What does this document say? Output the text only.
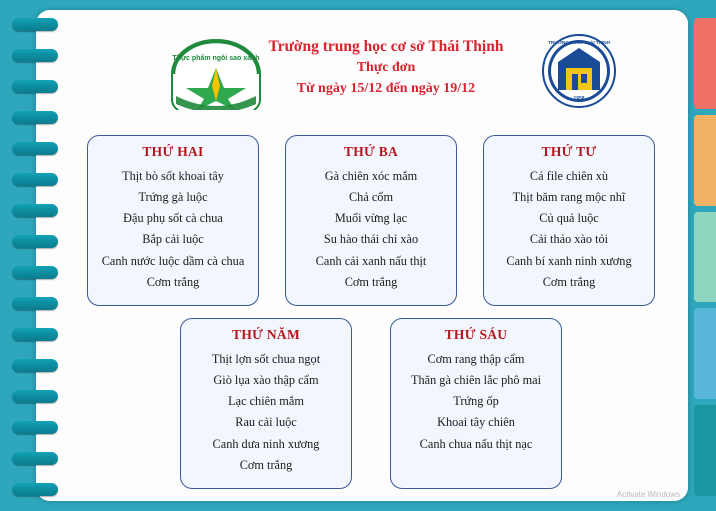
Thực phẩm ngôi sao xanh
Trường trung học cơ sở Thái Thịnh
Thực đơn
Từ ngày 15/12 đến ngày 19/12
TRƯỜNG THCS THÁI THỊNH
1958
THỨ HAI
Thịt bò sốt khoai tây
Trứng gà luộc
Đậu phụ sốt cà chua
Bắp cải luộc
Canh nước luộc dầm cà chua
Cơm trắng
THỨ BA
Gà chiên xóc mắm
Chả cốm
Muối vừng lạc
Su hào thái chỉ xào
Canh cải xanh nấu thịt
Cơm trắng
THỨ TƯ
Cá file chiên xù
Thịt băm rang mộc nhĩ
Củ quả luộc
Cải thảo xào tỏi
Canh bí xanh ninh xương
Cơm trắng
THỨ NĂM
Thịt lợn sốt chua ngọt
Giò lụa xào thập cẩm
Lạc chiên mắm
Rau cải luộc
Canh dưa ninh xương
Cơm trắng
THỨ SÁU
Cơm rang thập cẩm
Thăn gà chiên lắc phô mai
Trứng ốp
Khoai tây chiên
Canh chua nấu thịt nạc
Activate Windows
